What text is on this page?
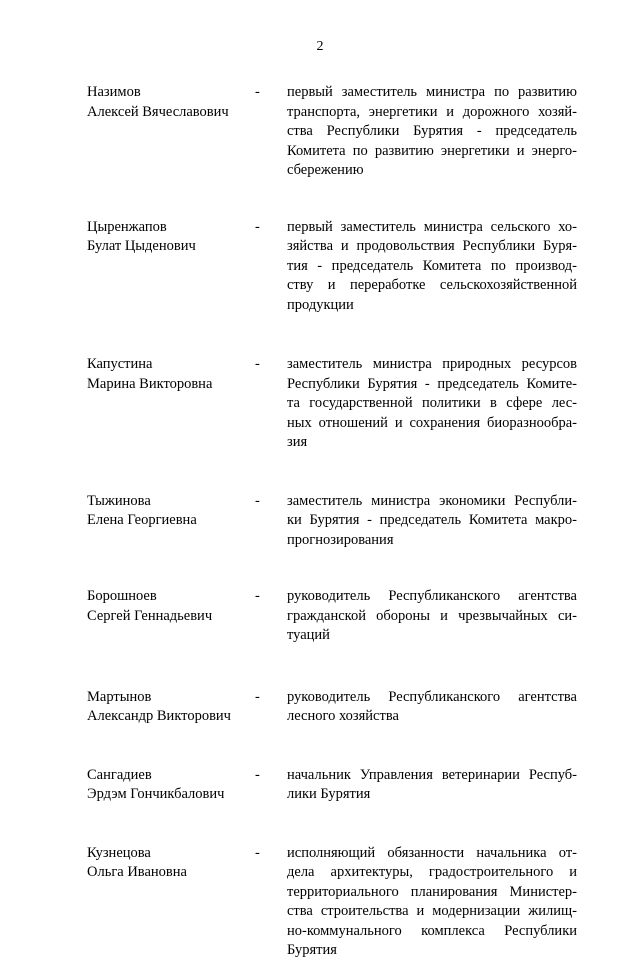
2
Назимов
Алексей Вячеславович
-	первый заместитель министра по развитию
транспорта, энергетики и дорожного хозяй-
ства Республики Бурятия - председатель
Комитета по развитию энергетики и энерго-
сбережению
Цыренжапов
Булат Цыденович
-	первый заместитель министра сельского хо-
зяйства и продовольствия Республики Буря-
тия - председатель Комитета по производ-
ству и переработке сельскохозяйственной
продукции
Капустина
Марина Викторовна
-	заместитель министра природных ресурсов
Республики Бурятия - председатель Комите-
та государственной политики в сфере лес-
ных отношений и сохранения биоразнообра-
зия
Тыжинова
Елена Георгиевна
-	заместитель министра экономики Республи-
ки Бурятия - председатель Комитета макро-
прогнозирования
Борошноев
Сергей Геннадьевич
-	руководитель Республиканского агентства
гражданской обороны и чрезвычайных си-
туаций
Мартынов
Александр Викторович
-	руководитель Республиканского агентства
лесного хозяйства
Сангадиев
Эрдэм Гончикбалович
-	начальник Управления ветеринарии Респуб-
лики Бурятия
Кузнецова
Ольга Ивановна
-	исполняющий обязанности начальника от-
дела архитектуры, градостроительного и
территориального планирования Министер-
ства строительства и модернизации жилищ-
но-коммунального комплекса Республики
Бурятия
